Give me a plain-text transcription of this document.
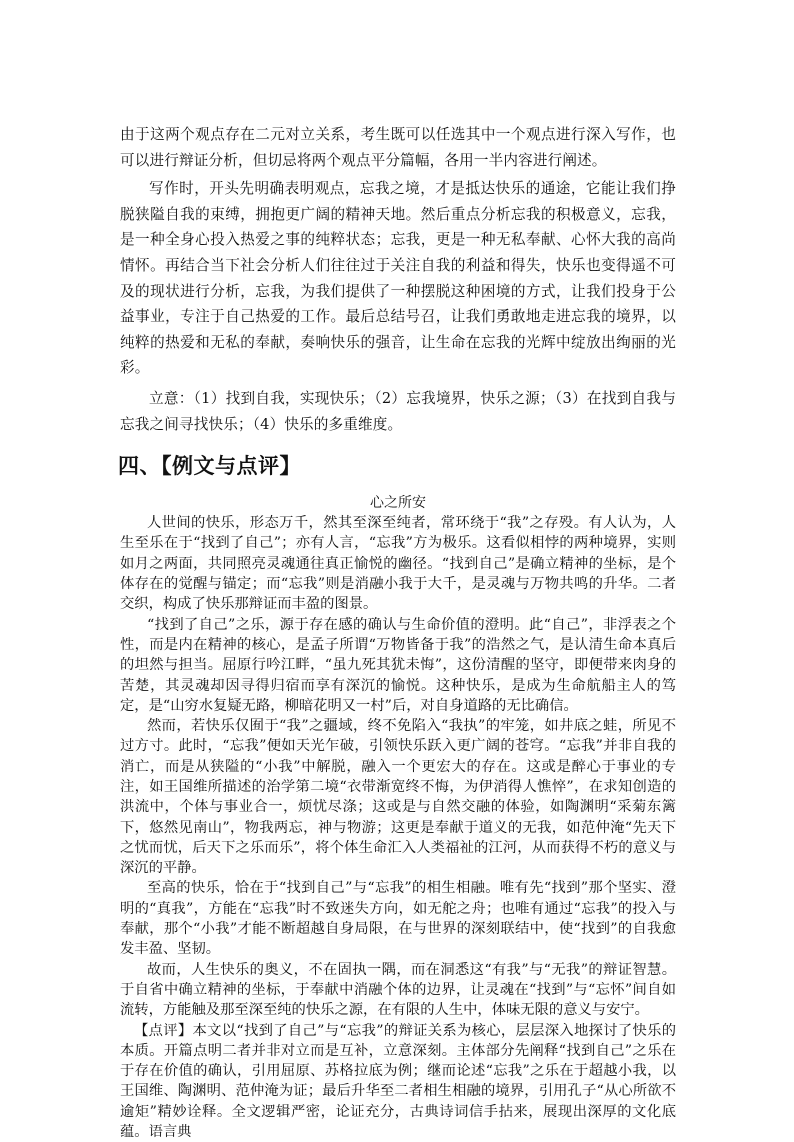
由于这两个观点存在二元对立关系，考生既可以任选其中一个观点进行深入写作，也可以进行辩证分析，但切忌将两个观点平分篇幅，各用一半内容进行阐述。

写作时，开头先明确表明观点，忘我之境，才是抵达快乐的通途，它能让我们挣脱狭隘自我的束缚，拥抱更广阔的精神天地。然后重点分析忘我的积极意义，忘我，是一种全身心投入热爱之事的纯粹状态；忘我，更是一种无私奉献、心怀大我的高尚情怀。再结合当下社会分析人们往往过于关注自我的利益和得失，快乐也变得遥不可及的现状进行分析，忘我，为我们提供了一种摆脱这种困境的方式，让我们投身于公益事业，专注于自己热爱的工作。最后总结号召，让我们勇敢地走进忘我的境界，以纯粹的热爱和无私的奉献，奏响快乐的强音，让生命在忘我的光辉中绽放出绚丽的光彩。

立意：（1）找到自我，实现快乐；（2）忘我境界，快乐之源；（3）在找到自我与忘我之间寻找快乐；（4）快乐的多重维度。

四、【例文与点评】
心之所安

人世间的快乐，形态万千，然其至深至纯者，常环绕于“我”之存殁。有人认为，人生至乐在于“找到了自己”；亦有人言，“忘我”方为极乐。这看似相悖的两种境界，实则如月之两面，共同照亮灵魂通往真正愉悦的幽径。“找到自己”是确立精神的坐标，是个体存在的觉醒与锚定；而“忘我”则是消融小我于大千，是灵魂与万物共鸣的升华。二者交织，构成了快乐那辩证而丰盈的图景。

“找到了自己”之乐，源于存在感的确认与生命价值的澄明。此“自己”，非浮表之个性，而是内在精神的核心，是孟子所谓“万物皆备于我”的浩然之气，是认清生命本真后的坦然与担当。屈原行吟江畔，“虽九死其犹未悔”，这份清醒的坚守，即便带来肉身的苦楚，其灵魂却因寻得归宿而享有深沉的愉悦。这种快乐，是成为生命航船主人的笃定，是“山穷水复疑无路，柳暗花明又一村”后，对自身道路的无比确信。

然而，若快乐仅囿于“我”之疆域，终不免陷入“我执”的牢笼，如井底之蛙，所见不过方寸。此时，“忘我”便如天光乍破，引领快乐跃入更广阔的苍穹。“忘我”并非自我的消亡，而是从狭隘的“小我”中解脱，融入一个更宏大的存在。这或是醉心于事业的专注，如王国维所描述的治学第二境“衣带渐宽终不悔，为伊消得人憔悴”，在求知创造的洪流中，个体与事业合一，烦忧尽涤；这或是与自然交融的体验，如陶渊明“采菊东篱下，悠然见南山”，物我两忘，神与物游；这更是奉献于道义的无我，如范仲淹“先天下之忧而忧，后天下之乐而乐”，将个体生命汇入人类福祉的江河，从而获得不朽的意义与深沉的平静。

至高的快乐，恰在于“找到自己”与“忘我”的相生相融。唯有先“找到”那个坚实、澄明的“真我”，方能在“忘我”时不致迷失方向，如无舵之舟；也唯有通过“忘我”的投入与奉献，那个“小我”才能不断超越自身局限，在与世界的深刻联结中，使“找到”的自我愈发丰盈、坚韧。

故而，人生快乐的奥义，不在固执一隅，而在洞悉这“有我”与“无我”的辩证智慧。于自省中确立精神的坐标，于奉献中消融个体的边界，让灵魂在“找到”与“忘怀”间自如流转，方能触及那至深至纯的快乐之源，在有限的人生中，体味无限的意义与安宁。

【点评】本文以“找到了自己”与“忘我”的辩证关系为核心，层层深入地探讨了快乐的本质。开篇点明二者并非对立而是互补，立意深刻。主体部分先阐释“找到自己”之乐在于存在价值的确认，引用屈原、苏格拉底为例；继而论述“忘我”之乐在于超越小我，以王国维、陶渊明、范仲淹为证；最后升华至二者相生相融的境界，引用孔子“从心所欲不逾矩”精妙诠释。全文逻辑严密，论证充分，古典诗词信手拈来，展现出深厚的文化底蕴。语言典
